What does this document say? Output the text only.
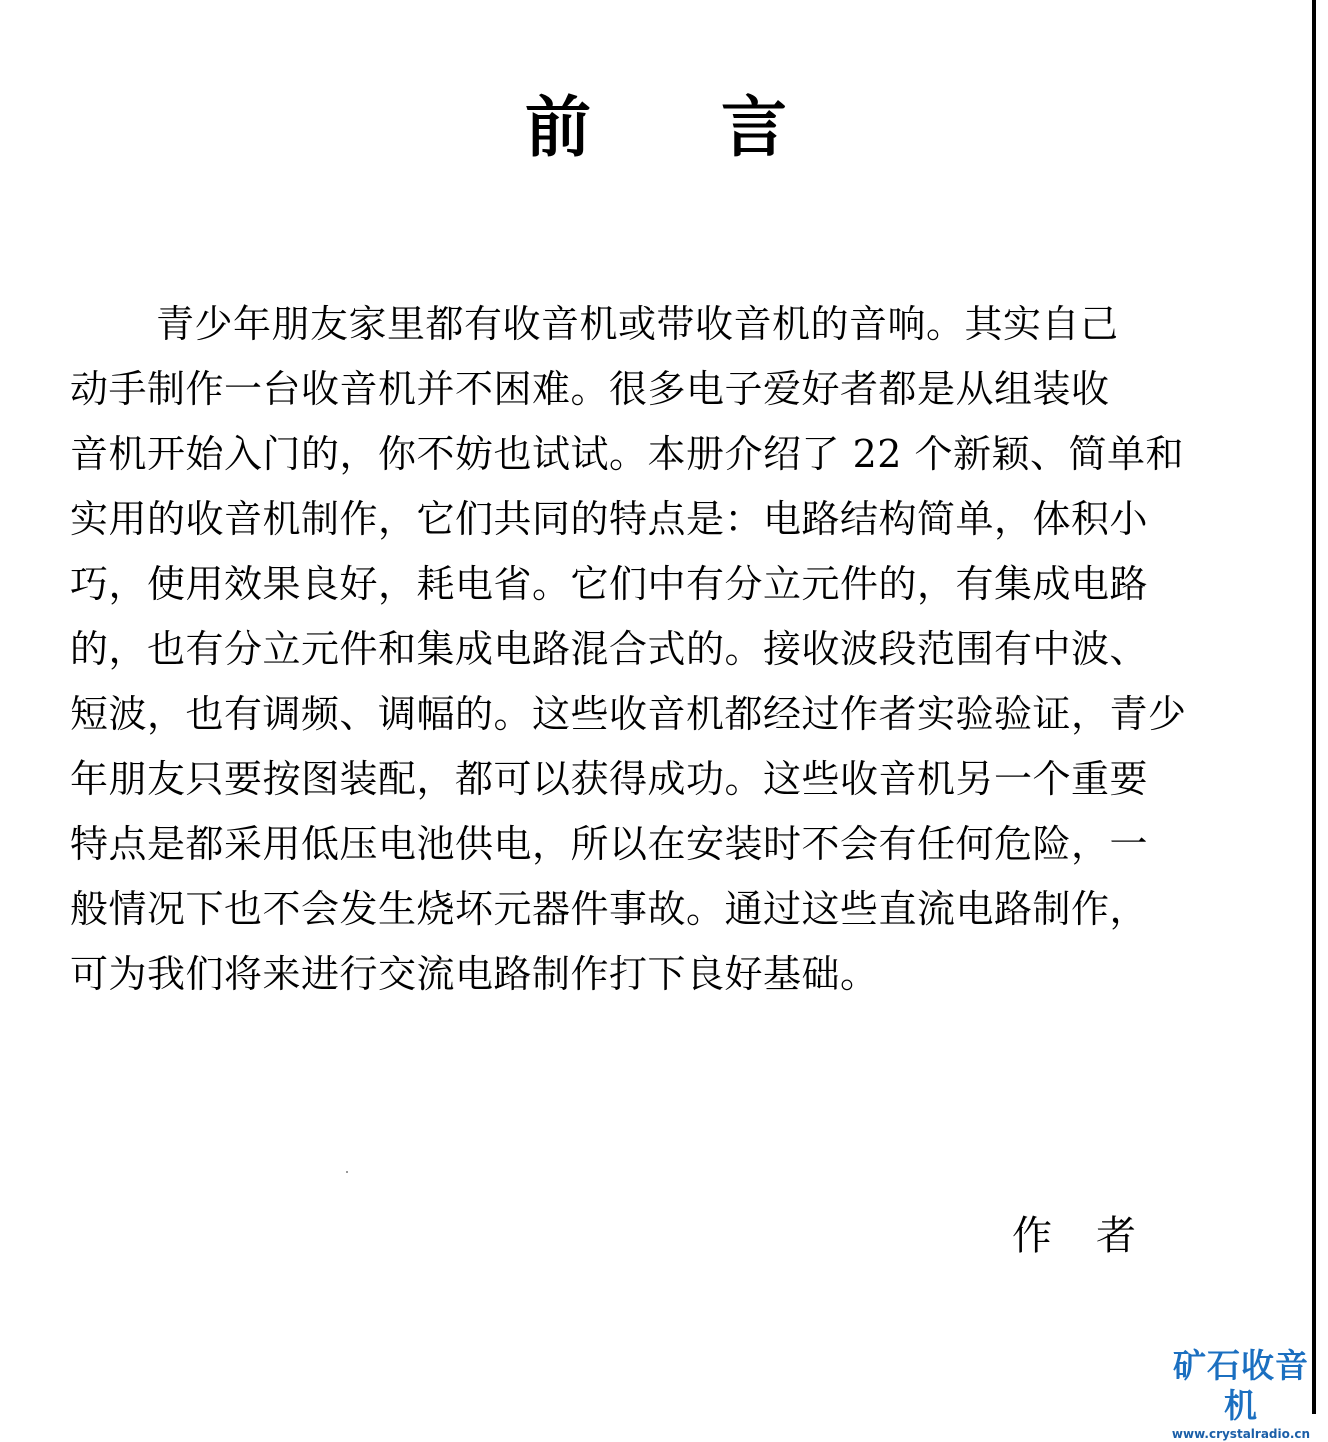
前 言
青少年朋友家里都有收音机或带收音机的音响。其实自己
动手制作一台收音机并不困难。很多电子爱好者都是从组装收
音机开始入门的，你不妨也试试。本册介绍了 22 个新颖、简单和
实用的收音机制作，它们共同的特点是：电路结构简单，体积小
巧，使用效果良好，耗电省。它们中有分立元件的，有集成电路
的，也有分立元件和集成电路混合式的。接收波段范围有中波、
短波，也有调频、调幅的。这些收音机都经过作者实验验证，青少
年朋友只要按图装配，都可以获得成功。这些收音机另一个重要
特点是都采用低压电池供电，所以在安装时不会有任何危险，一
般情况下也不会发生烧坏元器件事故。通过这些直流电路制作，
可为我们将来进行交流电路制作打下良好基础。
作 者
矿石收音机
www.crystalradio.cn
